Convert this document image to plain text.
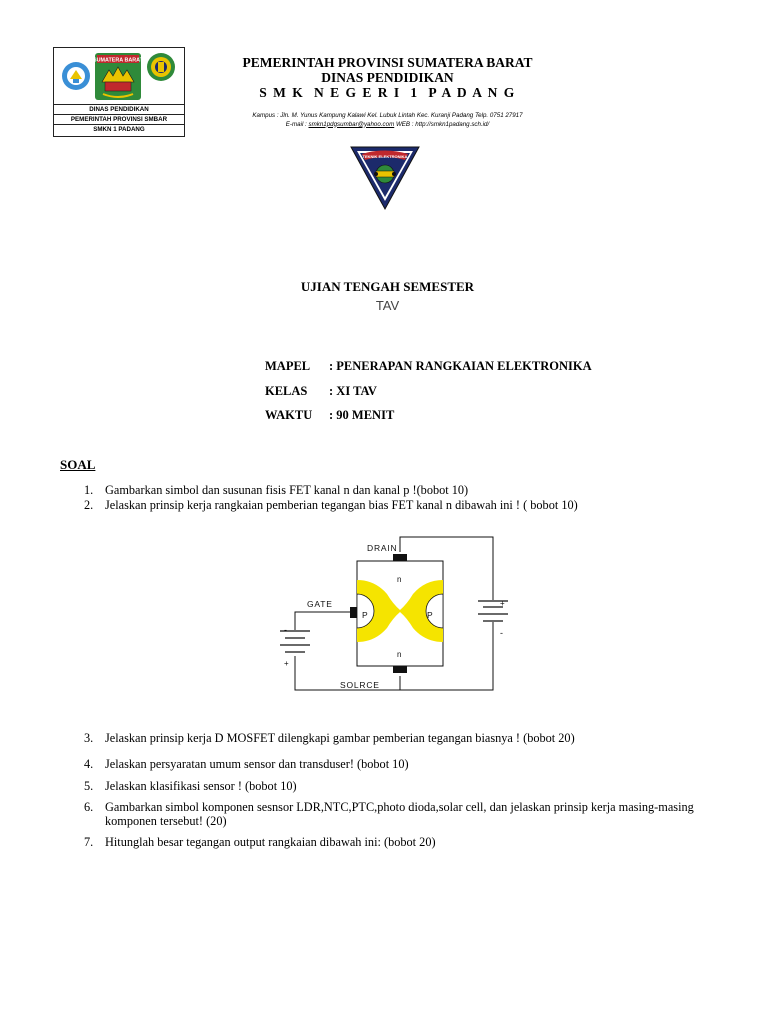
SUMATERA BARAT
DINAS PENDIDIKAN
PEMERINTAH PROVINSI SMBAR
SMKN 1 PADANG
PEMERINTAH PROVINSI SUMATERA BARAT
DINAS PENDIDIKAN
S M K  N E G E R I  1  P A D A N G
Kampus : Jln. M. Yunus Kampung Kalawi Kel. Lubuk Lintah Kec. Kuranji Padang Telp. 0751 27917
E-mail : smkn1pdgsumbar@yahoo.com WEB : http://smkn1padang.sch.id/
TEKNIK ELEKTRONIKA
UJIAN TENGAH SEMESTER
TAV
MAPEL : PENERAPAN RANGKAIAN ELEKTRONIKA
KELAS : XI TAV
WAKTU : 90 MENIT
SOAL
1. Gambarkan simbol dan susunan fisis FET kanal n dan kanal p !(bobot 10)
2. Jelaskan prinsip kerja rangkaian pemberian tegangan bias FET kanal n dibawah ini ! ( bobot 10)
DRAIN
GATE
SOLRCE
n
n
P	P
+
-
-
+
3. Jelaskan prinsip kerja D MOSFET dilengkapi gambar pemberian tegangan biasnya ! (bobot 20)
4. Jelaskan persyaratan umum sensor dan transduser! (bobot 10)
5. Jelaskan klasifikasi sensor ! (bobot 10)
6. Gambarkan simbol komponen sesnsor LDR,NTC,PTC,photo dioda,solar cell, dan jelaskan prinsip kerja masing-masing komponen tersebut! (20)
7. Hitunglah besar tegangan output rangkaian dibawah ini: (bobot 20)
